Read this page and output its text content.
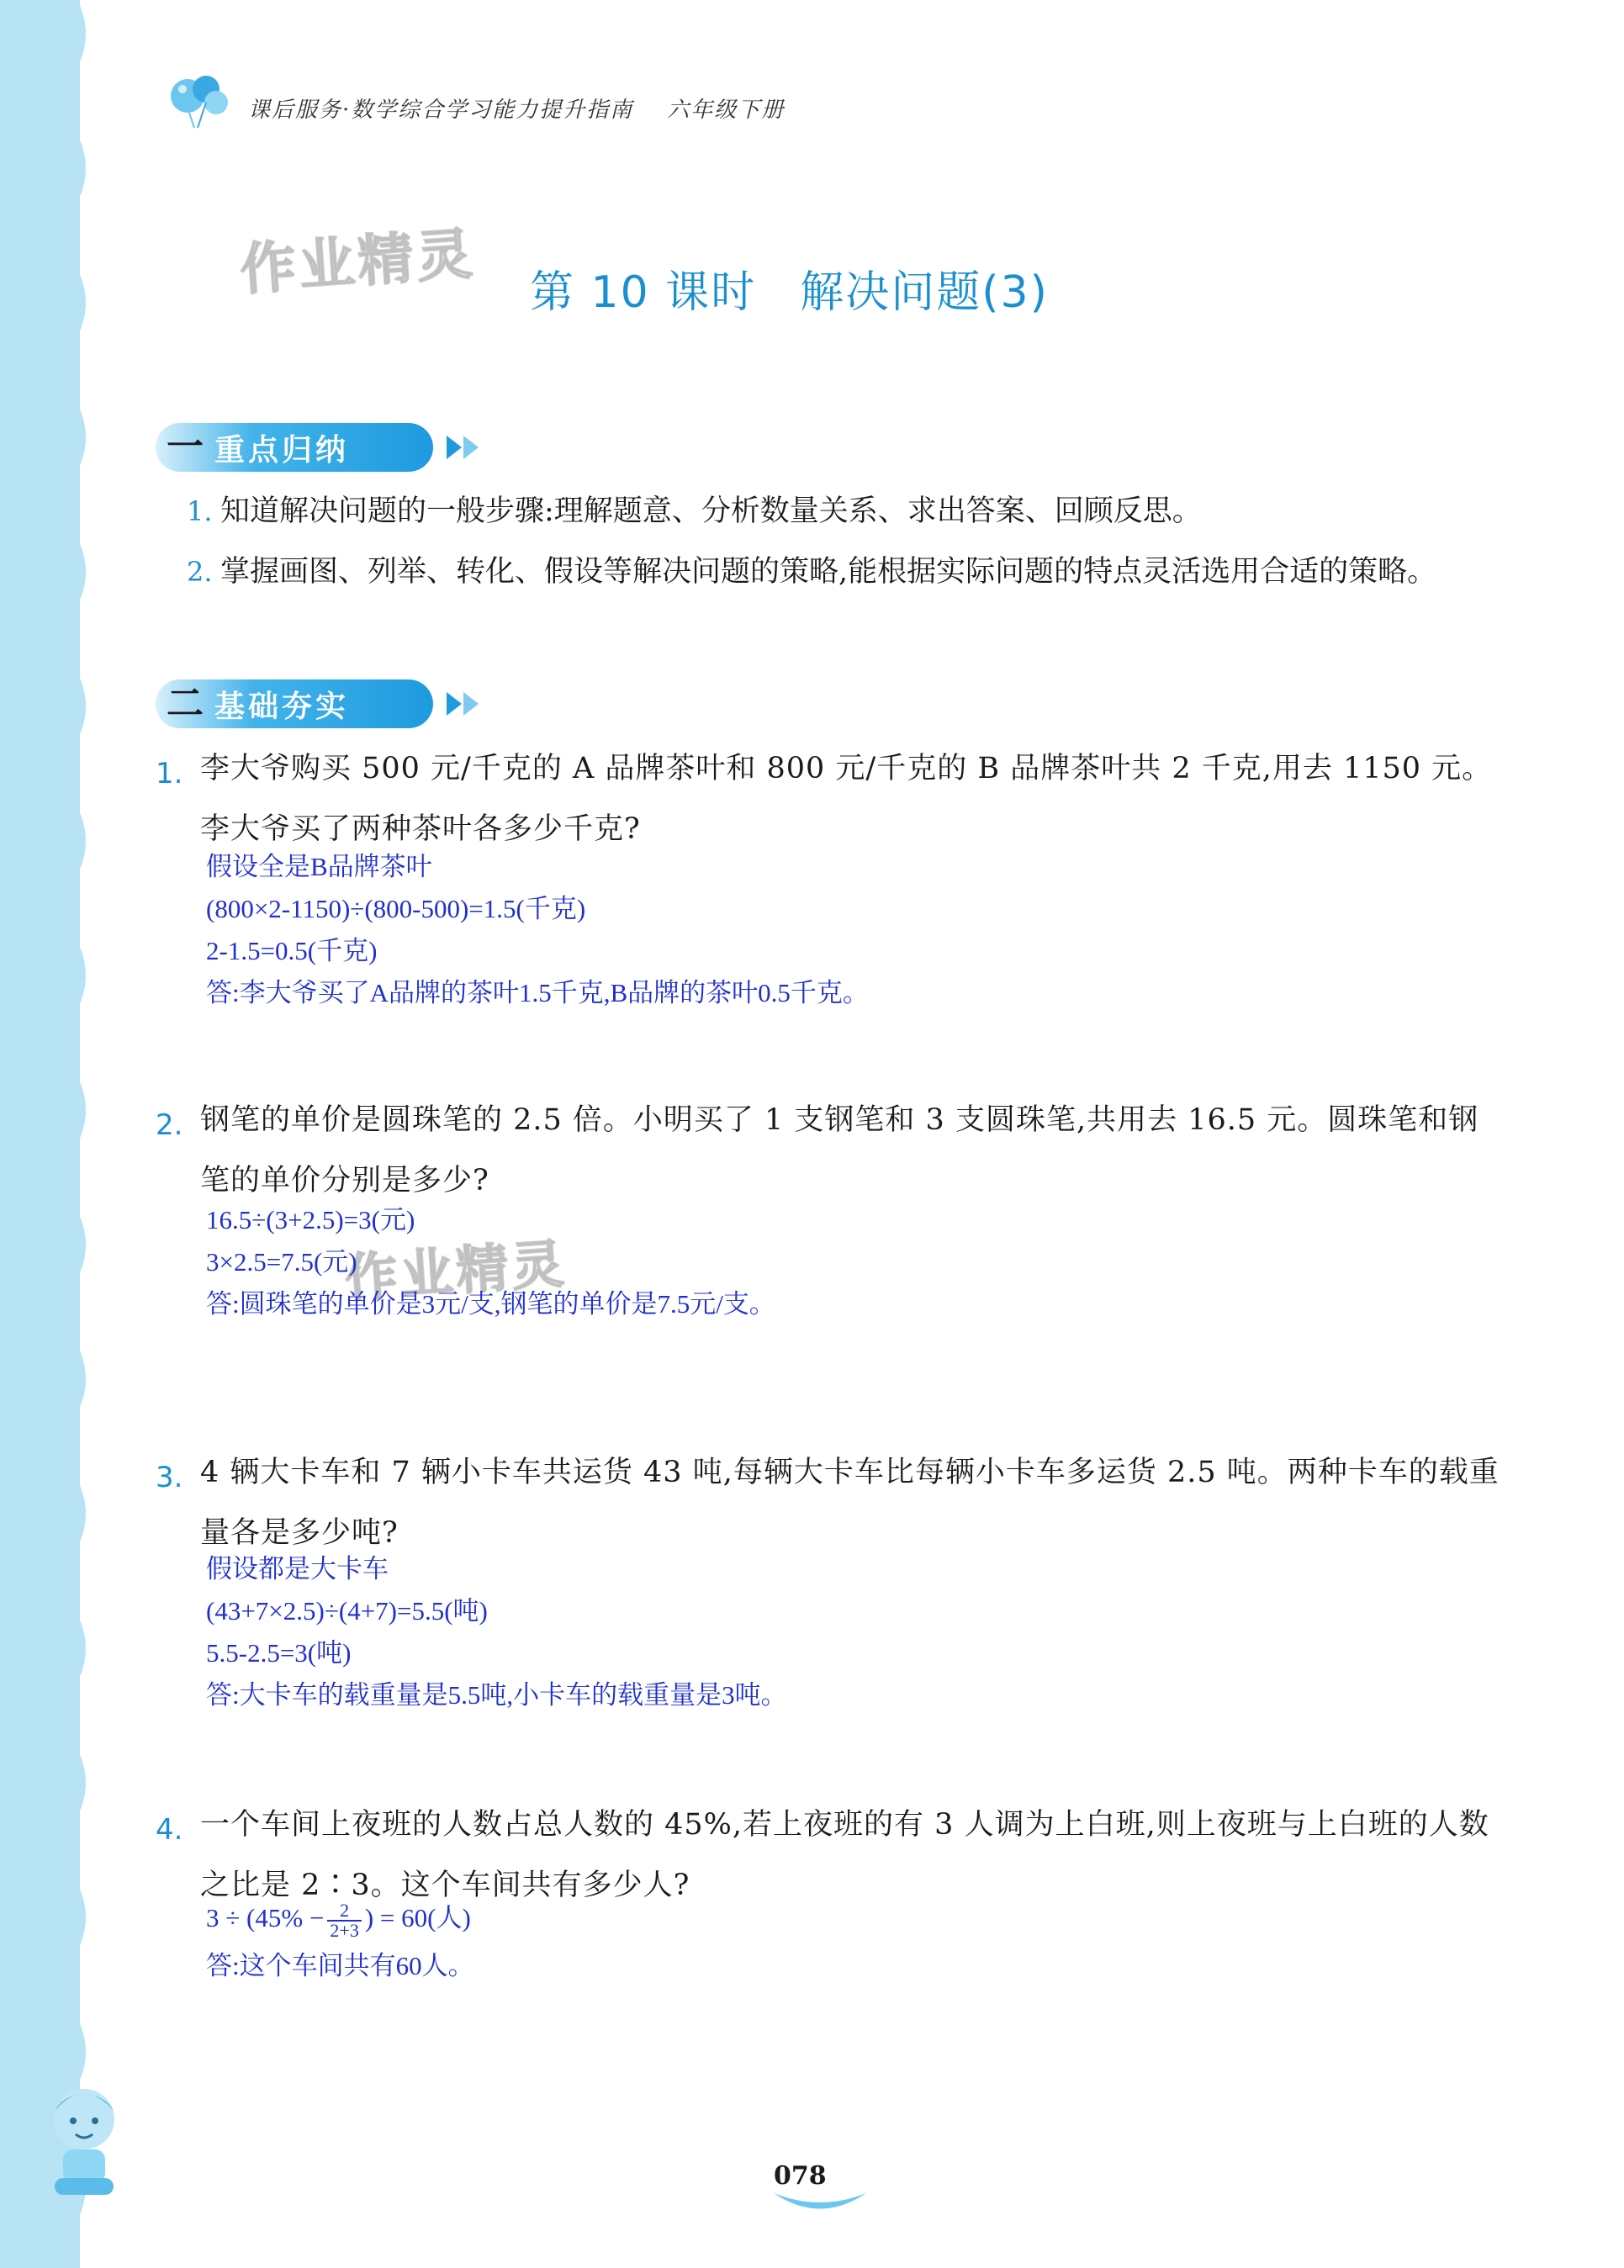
课后服务·数学综合学习能力提升指南 六年级下册
作业精灵
作业精灵
第 10 课时 解决问题(3)
一 重点归纳
1. 知道解决问题的一般步骤:理解题意、分析数量关系、求出答案、回顾反思。
2. 掌握画图、列举、转化、假设等解决问题的策略,能根据实际问题的特点灵活选用合适的策略。
二 基础夯实
1. 李大爷购买 500 元/千克的 A 品牌茶叶和 800 元/千克的 B 品牌茶叶共 2 千克,用去 1150 元。李大爷买了两种茶叶各多少千克?
假设全是B品牌茶叶
(800×2-1150)÷(800-500)=1.5(千克)
2-1.5=0.5(千克)
答:李大爷买了A品牌的茶叶1.5千克,B品牌的茶叶0.5千克。
2. 钢笔的单价是圆珠笔的 2.5 倍。小明买了 1 支钢笔和 3 支圆珠笔,共用去 16.5 元。圆珠笔和钢笔的单价分别是多少?
16.5÷(3+2.5)=3(元)
3×2.5=7.5(元)
答:圆珠笔的单价是3元/支,钢笔的单价是7.5元/支。
3. 4 辆大卡车和 7 辆小卡车共运货 43 吨,每辆大卡车比每辆小卡车多运货 2.5 吨。两种卡车的载重量各是多少吨?
假设都是大卡车
(43+7×2.5)÷(4+7)=5.5(吨)
5.5-2.5=3(吨)
答:大卡车的载重量是5.5吨,小卡车的载重量是3吨。
4. 一个车间上夜班的人数占总人数的 45%,若上夜班的有 3 人调为上白班,则上夜班与上白班的人数之比是 2∶3。这个车间共有多少人?
$3 \div (45\% - \frac{2}{2+3}$ ) = 60(人)
答:这个车间共有60人。
078
